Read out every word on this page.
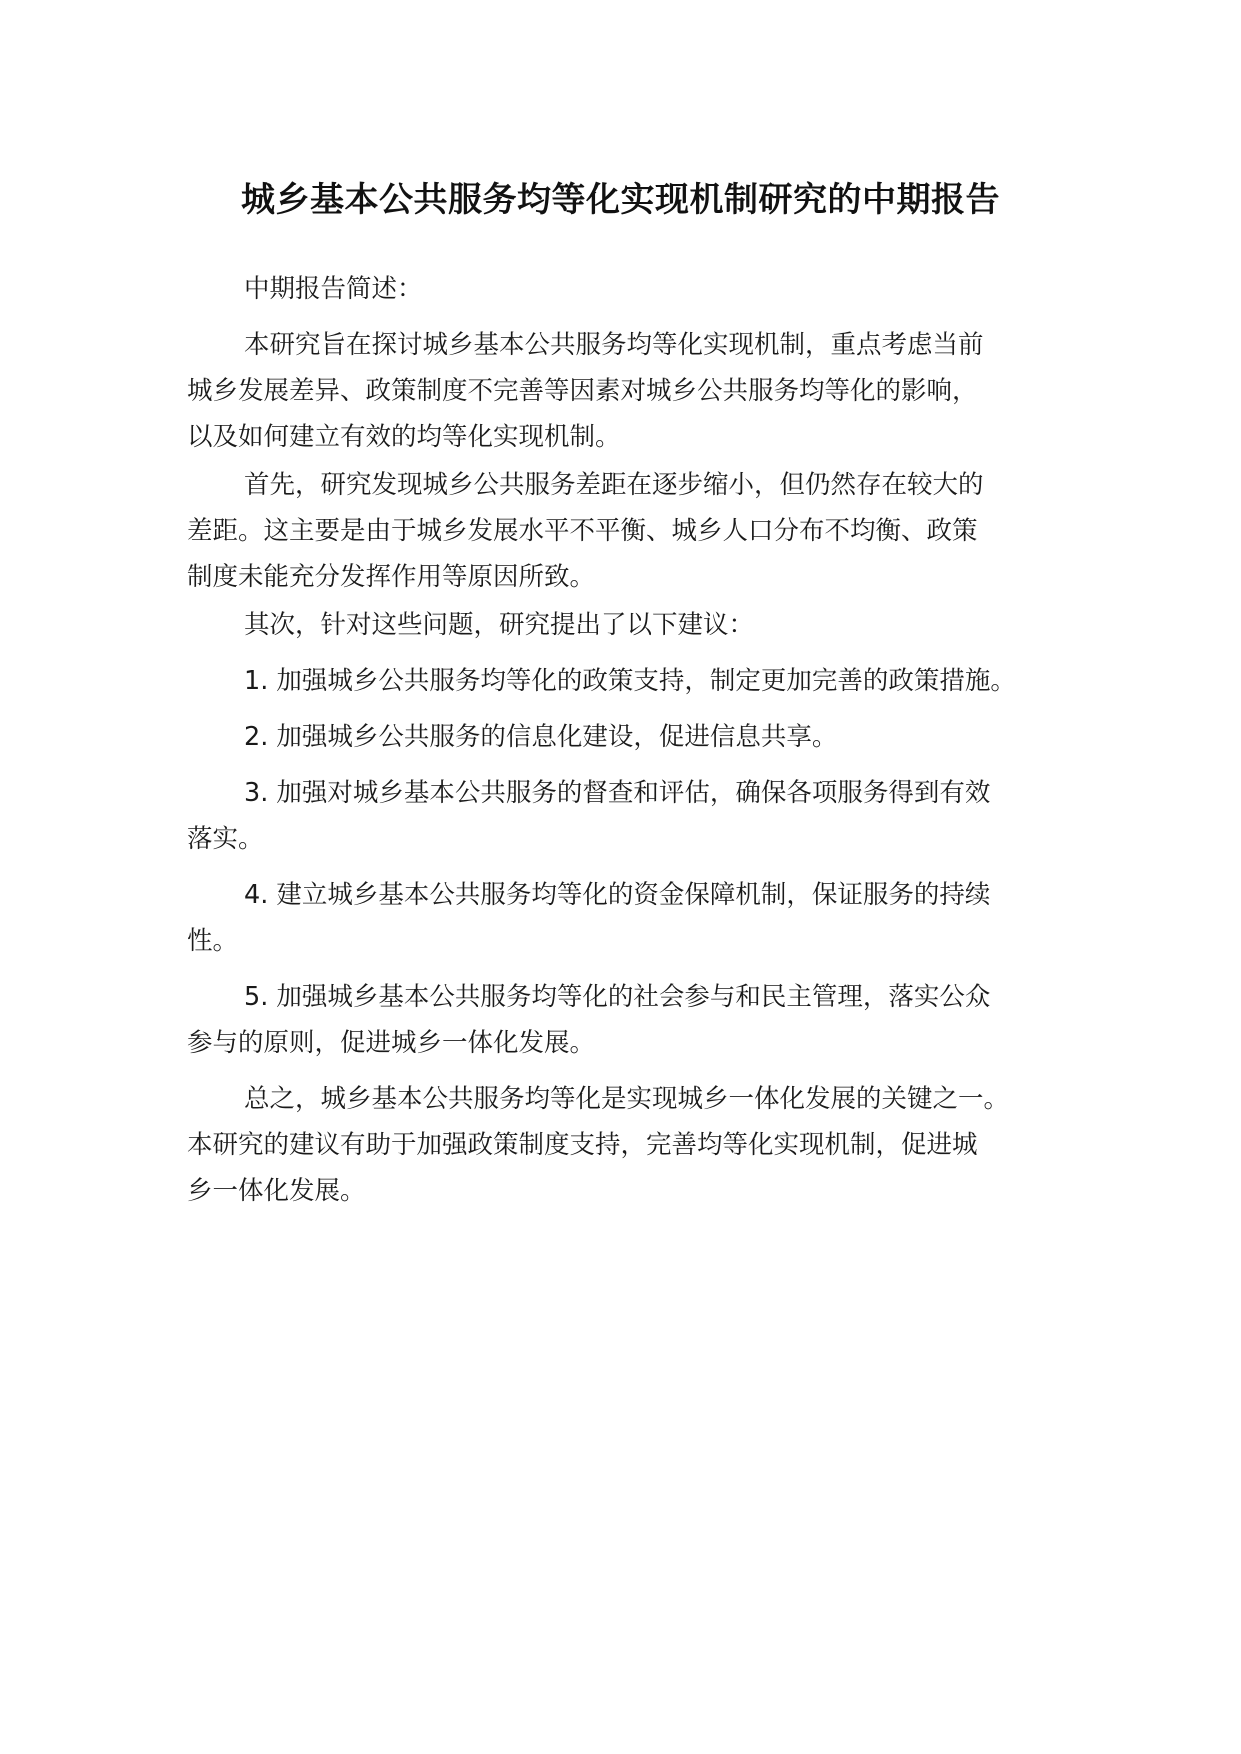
城乡基本公共服务均等化实现机制研究的中期报告
中期报告简述：
本研究旨在探讨城乡基本公共服务均等化实现机制，重点考虑当前
城乡发展差异、政策制度不完善等因素对城乡公共服务均等化的影响，
以及如何建立有效的均等化实现机制。
首先，研究发现城乡公共服务差距在逐步缩小，但仍然存在较大的
差距。这主要是由于城乡发展水平不平衡、城乡人口分布不均衡、政策
制度未能充分发挥作用等原因所致。
其次，针对这些问题，研究提出了以下建议：
1. 加强城乡公共服务均等化的政策支持，制定更加完善的政策措施。
2. 加强城乡公共服务的信息化建设，促进信息共享。
3. 加强对城乡基本公共服务的督查和评估，确保各项服务得到有效
落实。
4. 建立城乡基本公共服务均等化的资金保障机制，保证服务的持续
性。
5. 加强城乡基本公共服务均等化的社会参与和民主管理，落实公众
参与的原则，促进城乡一体化发展。
总之，城乡基本公共服务均等化是实现城乡一体化发展的关键之一。
本研究的建议有助于加强政策制度支持，完善均等化实现机制，促进城
乡一体化发展。
